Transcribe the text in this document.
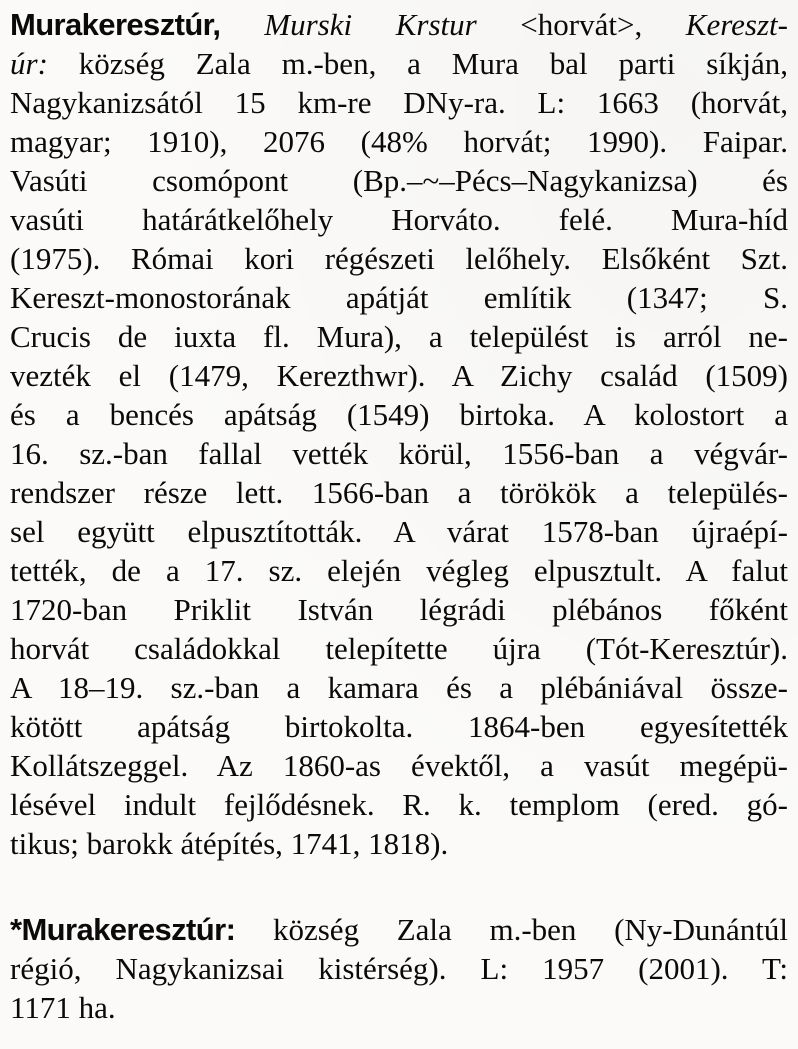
Murakeresztúr, Murski Krstur <horvát>, Kereszt-
úr: község Zala m.-ben, a Mura bal parti síkján,
Nagykanizsától 15 km-re DNy-ra. L: 1663 (horvát,
magyar; 1910), 2076 (48% horvát; 1990). Faipar.
Vasúti csomópont (Bp.–~–Pécs–Nagykanizsa) és
vasúti határátkelőhely Horváto. felé. Mura-híd
(1975). Római kori régészeti lelőhely. Elsőként Szt.
Kereszt-monostorának apátját említik (1347; S.
Crucis de iuxta fl. Mura), a települést is arról ne-
vezték el (1479, Kerezthwr). A Zichy család (1509)
és a bencés apátság (1549) birtoka. A kolostort a
16. sz.-ban fallal vették körül, 1556-ban a végvár-
rendszer része lett. 1566-ban a törökök a település-
sel együtt elpusztították. A várat 1578-ban újraépí-
tették, de a 17. sz. elején végleg elpusztult. A falut
1720-ban Priklit István légrádi plébános főként
horvát családokkal telepítette újra (Tót-Keresztúr).
A 18–19. sz.-ban a kamara és a plébániával össze-
kötött apátság birtokolta. 1864-ben egyesítették
Kollátszeggel. Az 1860-as évektől, a vasút megépü-
lésével indult fejlődésnek. R. k. templom (ered. gó-
tikus; barokk átépítés, 1741, 1818).
*Murakeresztúr: község Zala m.-ben (Ny-Dunántúl
régió, Nagykanizsai kistérség). L: 1957 (2001). T:
1171 ha.
